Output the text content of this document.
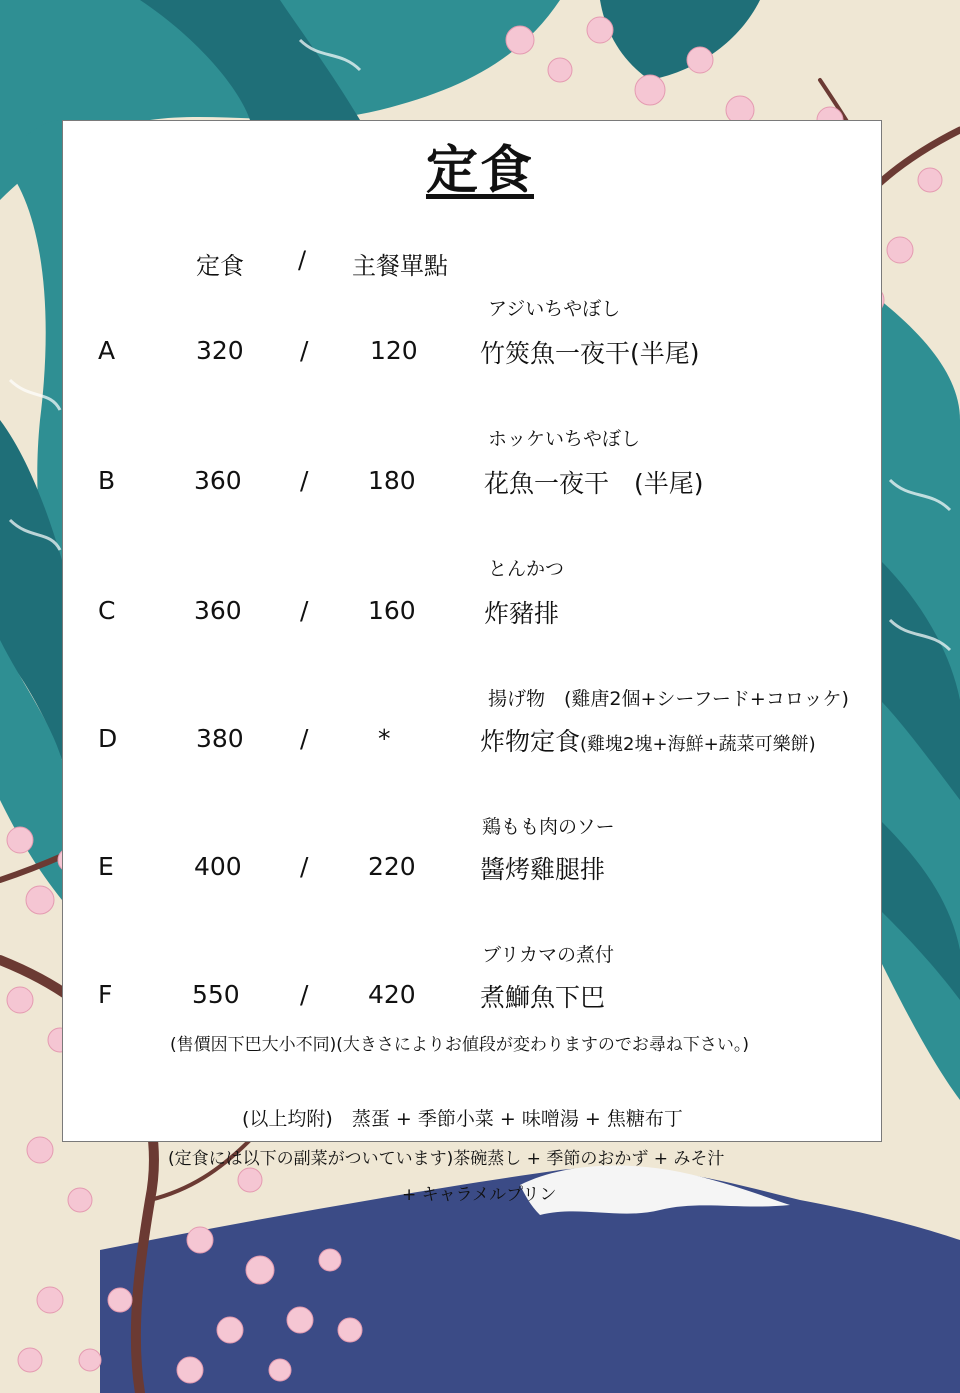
定食
定食 / 主餐單點
アジいちやぼし
A	320 / 120 竹筴魚一夜干(半尾)
ホッケいちやぼし
B	360 / 180	花魚一夜干　(半尾)
とんかつ
C	360 / 160	炸豬排
揚げ物　(雞唐2個+シーフード+コロッケ)
D	380 /	*	炸物定食(雞塊2塊+海鮮+蔬菜可樂餅)
鶏もも肉のソー
E	400 / 220	醬烤雞腿排
ブリカマの煮付
F	550 / 420	煮鰤魚下巴
(售價因下巴大小不同)(大きさによりお値段が変わりますのでお尋ね下さい。)
(以上均附)　蒸蛋 + 季節小菜 + 味噌湯 + 焦糖布丁
(定食には以下の副菜がついています)茶碗蒸し + 季節のおかず + みそ汁
+ キャラメルプリン
